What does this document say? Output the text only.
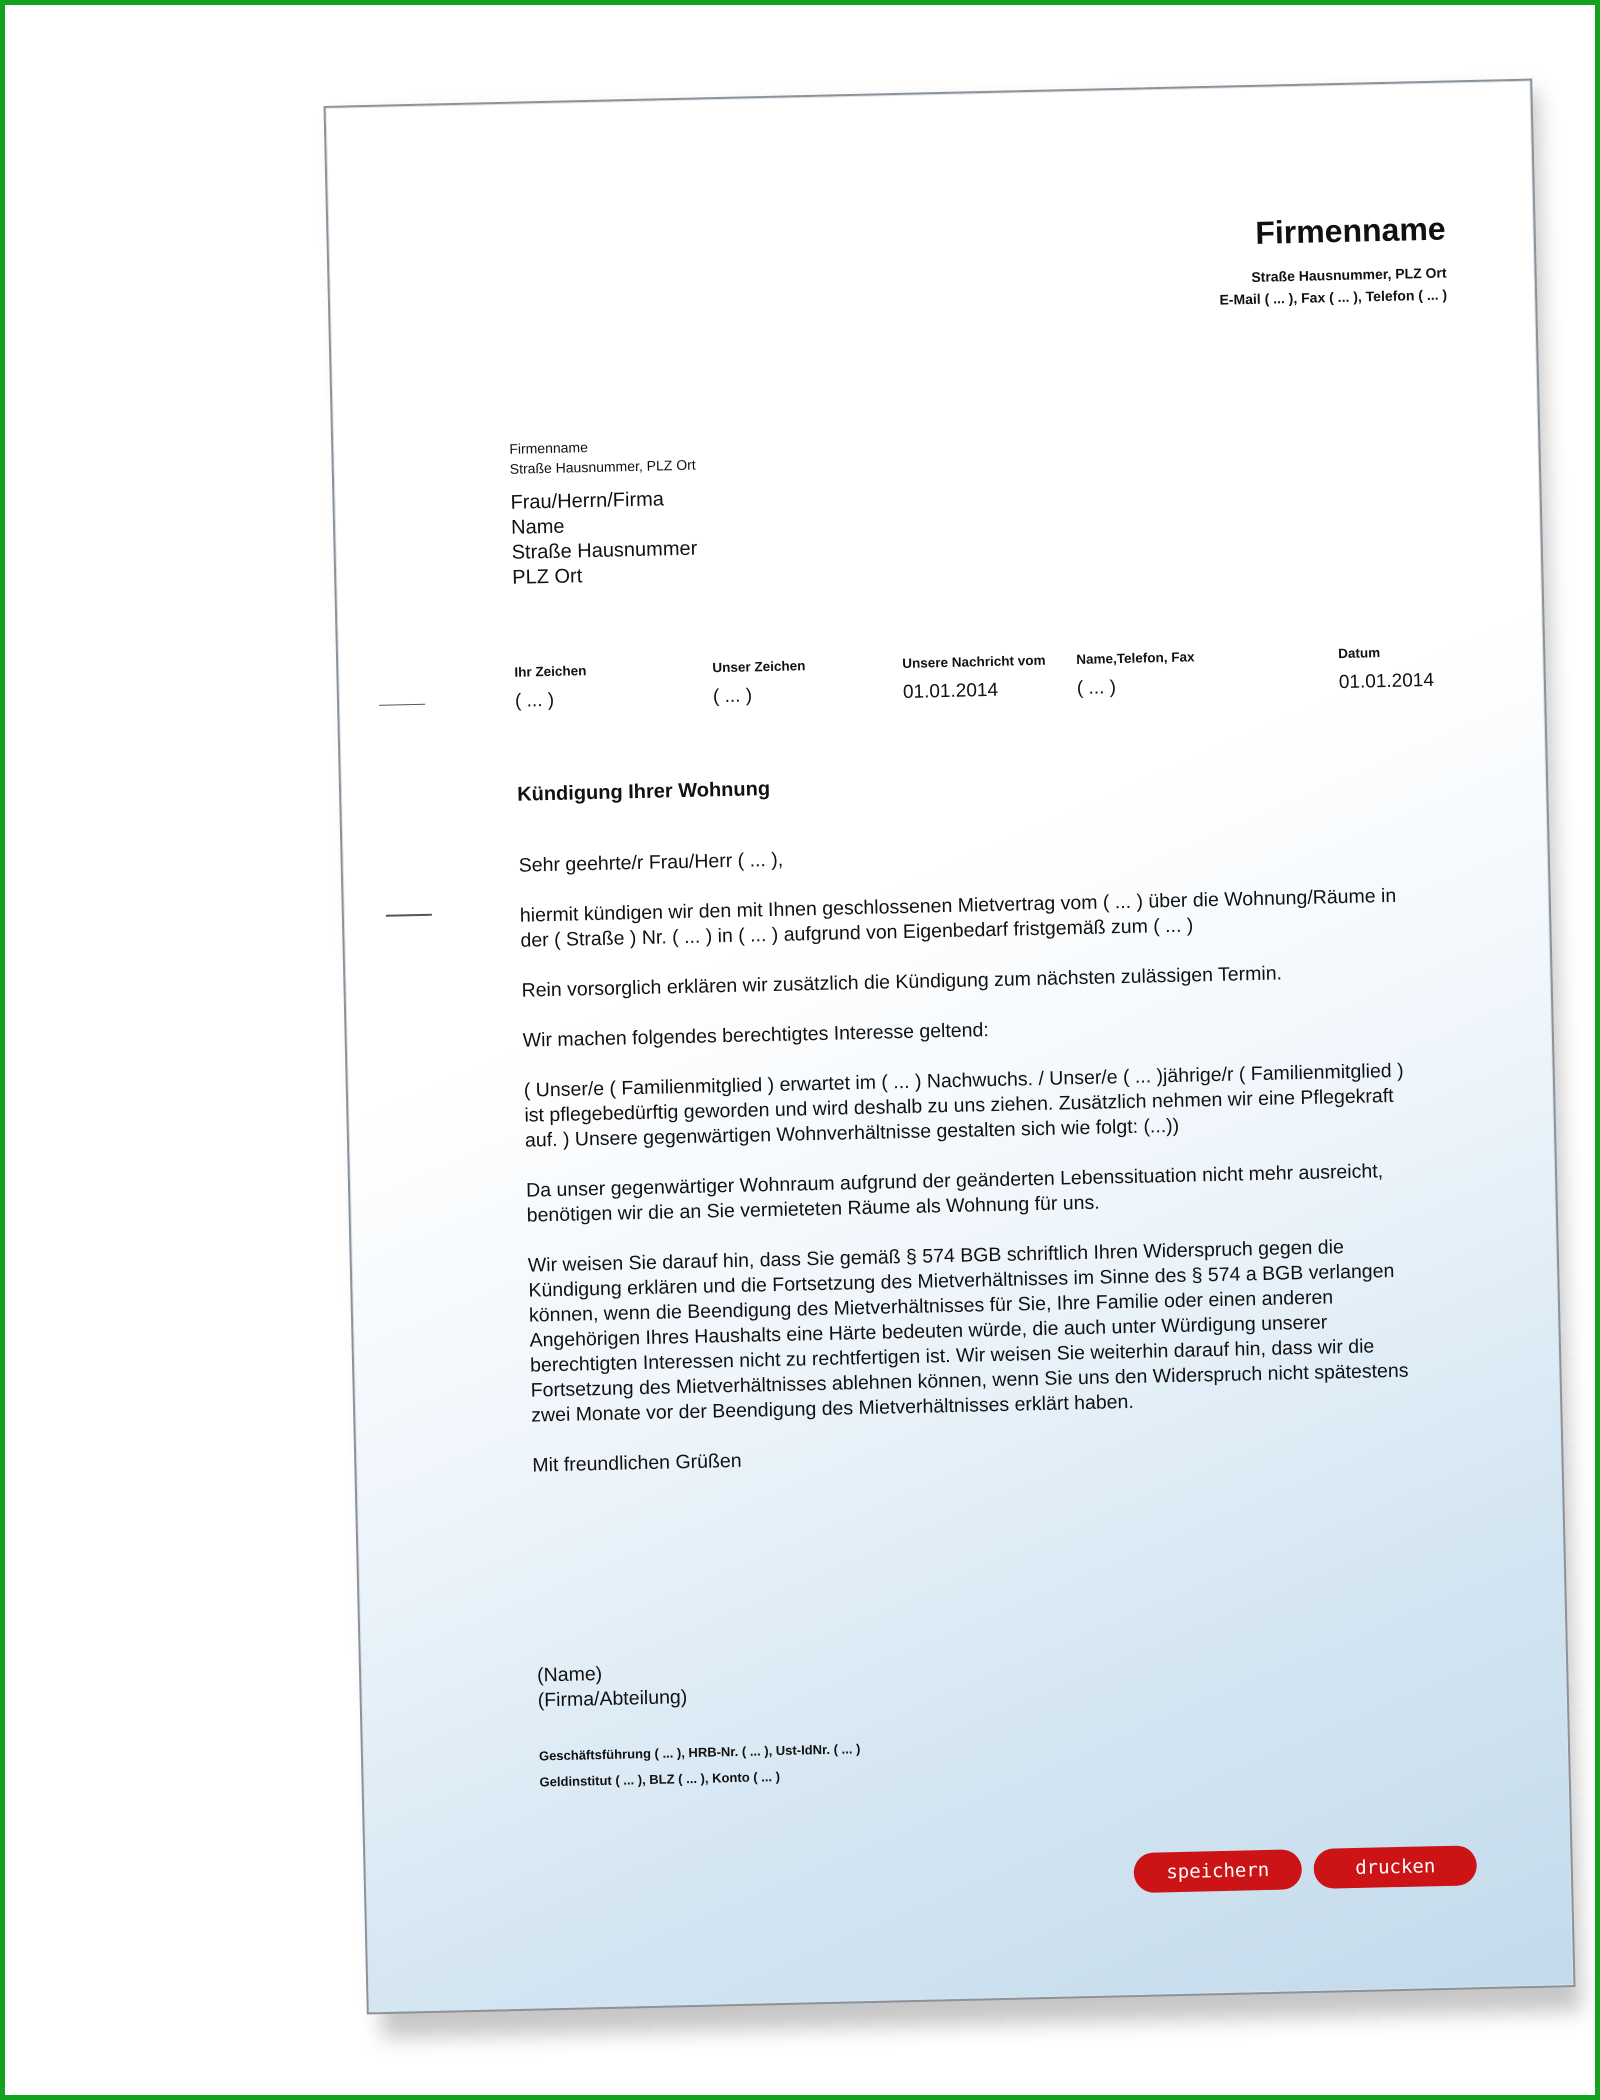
Firmenname
Straße Hausnummer, PLZ Ort
E-Mail ( ... ), Fax ( ... ), Telefon ( ... )
Firmenname
Straße Hausnummer, PLZ Ort
Frau/Herrn/Firma
Name
Straße Hausnummer
PLZ Ort
Ihr Zeichen
( ... )
Unser Zeichen
( ... )
Unsere Nachricht vom
01.01.2014
Name,Telefon, Fax
( ... )
Datum
01.01.2014
Kündigung Ihrer Wohnung

Sehr geehrte/r Frau/Herr ( ... ),

hiermit kündigen wir den mit Ihnen geschlossenen Mietvertrag vom ( ... ) über die Wohnung/Räume in der ( Straße ) Nr. ( ... ) in ( ... ) aufgrund von Eigenbedarf fristgemäß zum ( ... )

Rein vorsorglich erklären wir zusätzlich die Kündigung zum nächsten zulässigen Termin.

Wir machen folgendes berechtigtes Interesse geltend:

( Unser/e ( Familienmitglied ) erwartet im ( ... ) Nachwuchs. / Unser/e ( ... )jährige/r ( Familienmitglied ) ist pflegebedürftig geworden und wird deshalb zu uns ziehen. Zusätzlich nehmen wir eine Pflegekraft auf. ) Unsere gegenwärtigen Wohnverhältnisse gestalten sich wie folgt: (...))

Da unser gegenwärtiger Wohnraum aufgrund der geänderten Lebenssituation nicht mehr ausreicht, benötigen wir die an Sie vermieteten Räume als Wohnung für uns.

Wir weisen Sie darauf hin, dass Sie gemäß § 574 BGB schriftlich Ihren Widerspruch gegen die Kündigung erklären und die Fortsetzung des Mietverhältnisses im Sinne des § 574 a BGB verlangen können, wenn die Beendigung des Mietverhältnisses für Sie, Ihre Familie oder einen anderen Angehörigen Ihres Haushalts eine Härte bedeuten würde, die auch unter Würdigung unserer berechtigten Interessen nicht zu rechtfertigen ist. Wir weisen Sie weiterhin darauf hin, dass wir die Fortsetzung des Mietverhältnisses ablehnen können, wenn Sie uns den Widerspruch nicht spätestens zwei Monate vor der Beendigung des Mietverhältnisses erklärt haben.

Mit freundlichen Grüßen

(Name)
(Firma/Abteilung)
Geschäftsführung ( ... ), HRB-Nr. ( ... ), Ust-IdNr. ( ... )
Geldinstitut ( ... ), BLZ ( ... ), Konto ( ... )
speichern	drucken
